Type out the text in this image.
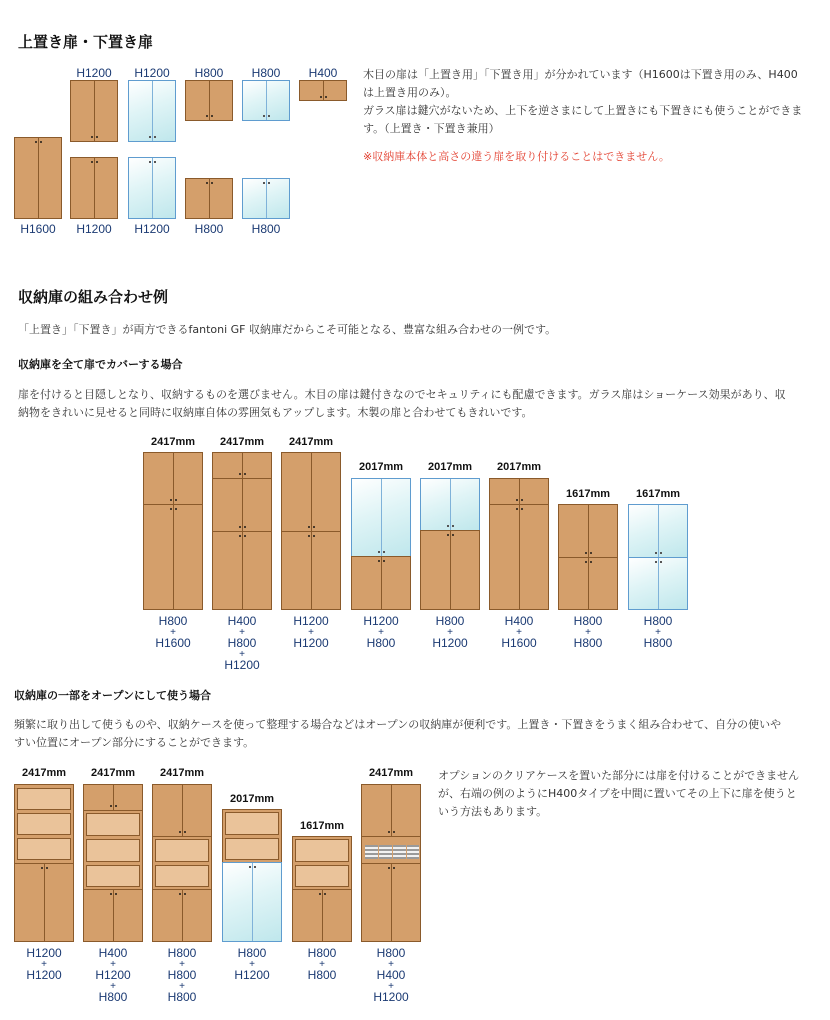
上置き扉・下置き扉
H1200	H1200	H800	H800	H400
H1600	H1200	H1200	H800	H800
木目の扉は「上置き用」「下置き用」が分かれています（H1600は下置き用のみ、H400
は上置き用のみ）。
ガラス扉は鍵穴がないため、上下を逆さまにして上置きにも下置きにも使うことができま
す。（上置き・下置き兼用）
※収納庫本体と高さの違う扉を取り付けることはできません。
収納庫の組み合わせ例
「上置き」「下置き」が両方できるfantoni GF 収納庫だからこそ可能となる、豊富な組み合わせの一例です。
収納庫を全て扉でカバーする場合
扉を付けると目隠しとなり、収納するものを選びません。木目の扉は鍵付きなのでセキュリティにも配慮できます。ガラス扉はショーケース効果があり、収
納物をきれいに見せると同時に収納庫自体の雰囲気もアップします。木製の扉と合わせてもきれいです。
2417mm	2417mm	2417mm
2017mm	2017mm	2017mm
1617mm	1617mm
H800
+
H1600
H400
+
H800
+
H1200
H1200
+
H1200
H1200
+
H800
H800
+
H1200
H400
+
H1600
H800
+
H800
H800
+
H800
収納庫の一部をオープンにして使う場合
頻繁に取り出して使うものや、収納ケースを使って整理する場合などはオープンの収納庫が便利です。上置き・下置きをうまく組み合わせて、自分の使いや
すい位置にオープン部分にすることができます。
2417mm	2417mm	2417mm
2017mm
1617mm
2417mm	オプションのクリアケースを置いた部分には扉を付けることができません
が、右端の例のようにH400タイプを中間に置いてその上下に扉を使うと
いう方法もあります。
H1200
+
H1200
H400
+
H1200
+
H800
H800
+
H800
+
H800
H800
+
H1200
H800
+
H800
H800
+
H400
+
H1200
